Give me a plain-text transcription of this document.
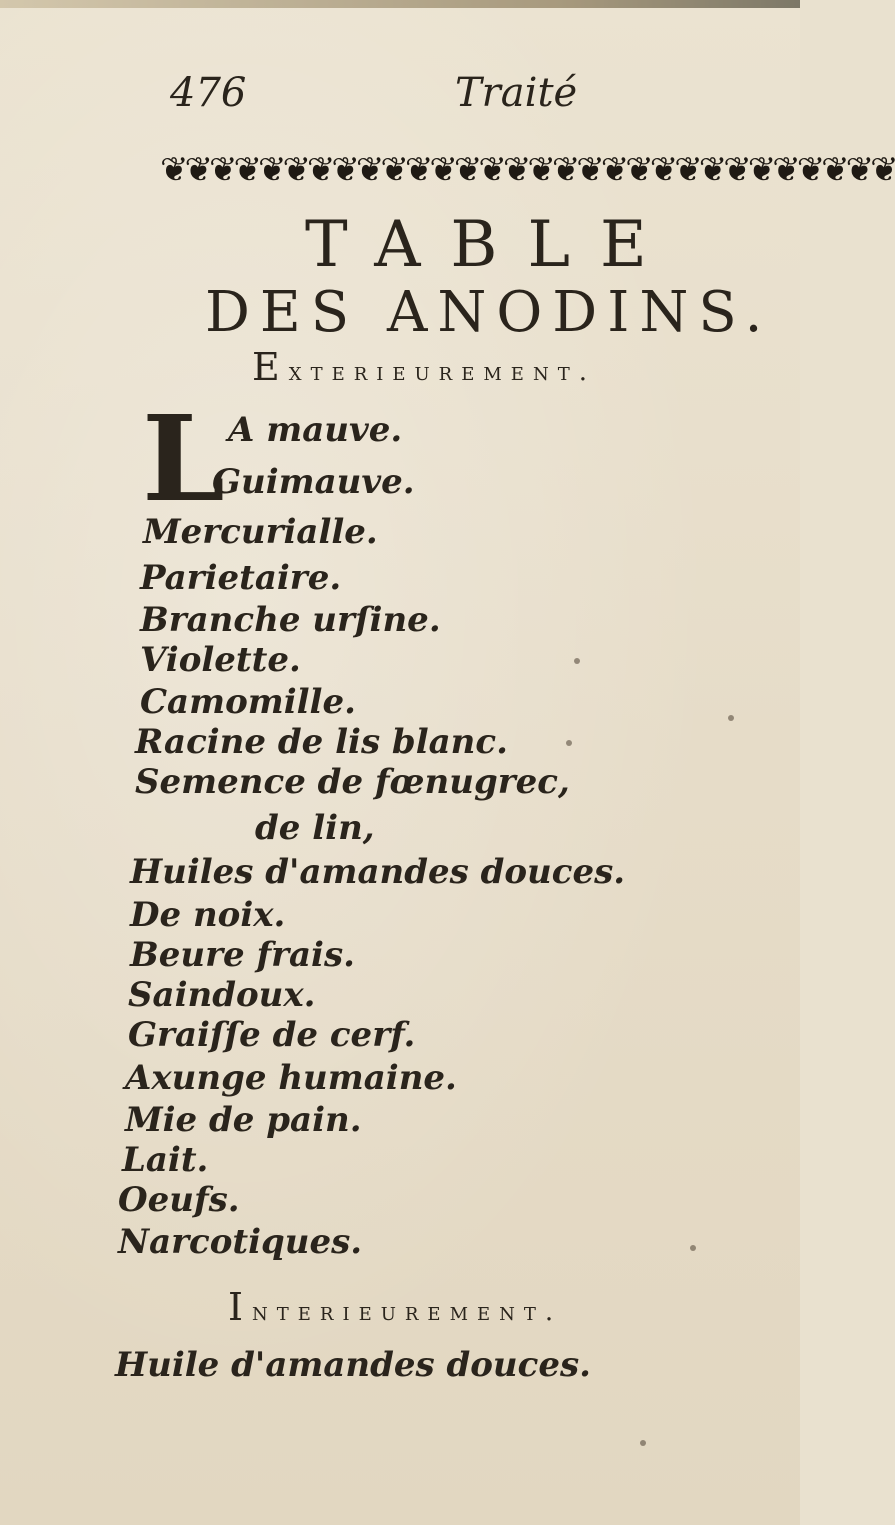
476	Traité
❦❦❦❦❦❦❦❦❦❦❦❦❦❦❦❦❦❦❦❦❦❦❦❦❦❦❦❦❦❦
TABLE
DES ANODINS.
Exterieurement.
L A mauve.
Guimauve.
Mercurialle.
Parietaire.
Branche urſine.
Violette.
Camomille.
Racine de lis blanc.
Semence de fœnugrec,
de lin,
Huiles d'amandes douces.
De noix.
Beure frais.
Saindoux.
Graiſſe de cerf.
Axunge humaine.
Mie de pain.
Lait.
Oeufs.
Narcotiques.
Interieurement.
Huile d'amandes douces.
